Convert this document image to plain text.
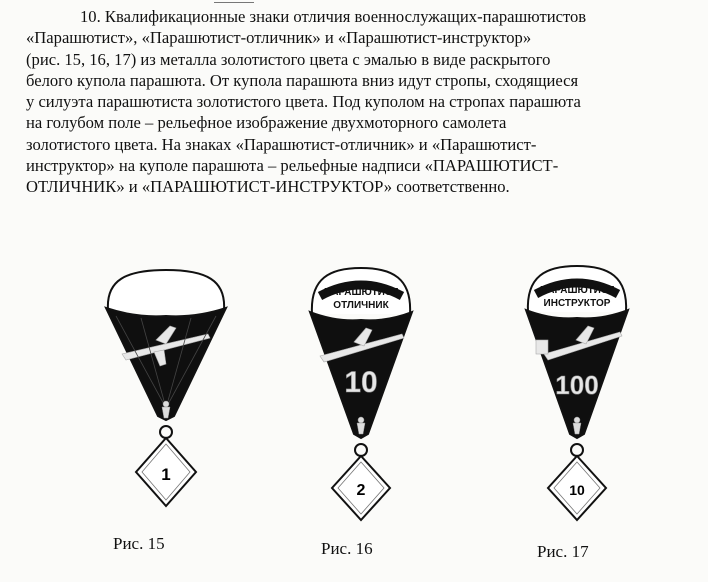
10. Квалификационные знаки отличия военнослужащих-парашютистов
«Парашютист», «Парашютист-отличник» и «Парашютист-инструктор»
(рис. 15, 16, 17) из металла золотистого цвета с эмалью в виде раскрытого
белого купола парашюта. От купола парашюта вниз идут стропы, сходящиеся
у силуэта парашютиста золотистого цвета. Под куполом на стропах парашюта
на голубом поле – рельефное изображение двухмоторного самолета
золотистого цвета. На знаках «Парашютист-отличник» и «Парашютист-
инструктор» на куполе парашюта – рельефные надписи «ПАРАШЮТИСТ-
ОТЛИЧНИК» и «ПАРАШЮТИСТ-ИНСТРУКТОР» соответственно.
1
Рис. 15
ПАРАШЮТИСТ
ОТЛИЧНИК
10
2
Рис. 16
ПАРАШЮТИСТ
ИНСТРУКТОР
100
10
Рис. 17
